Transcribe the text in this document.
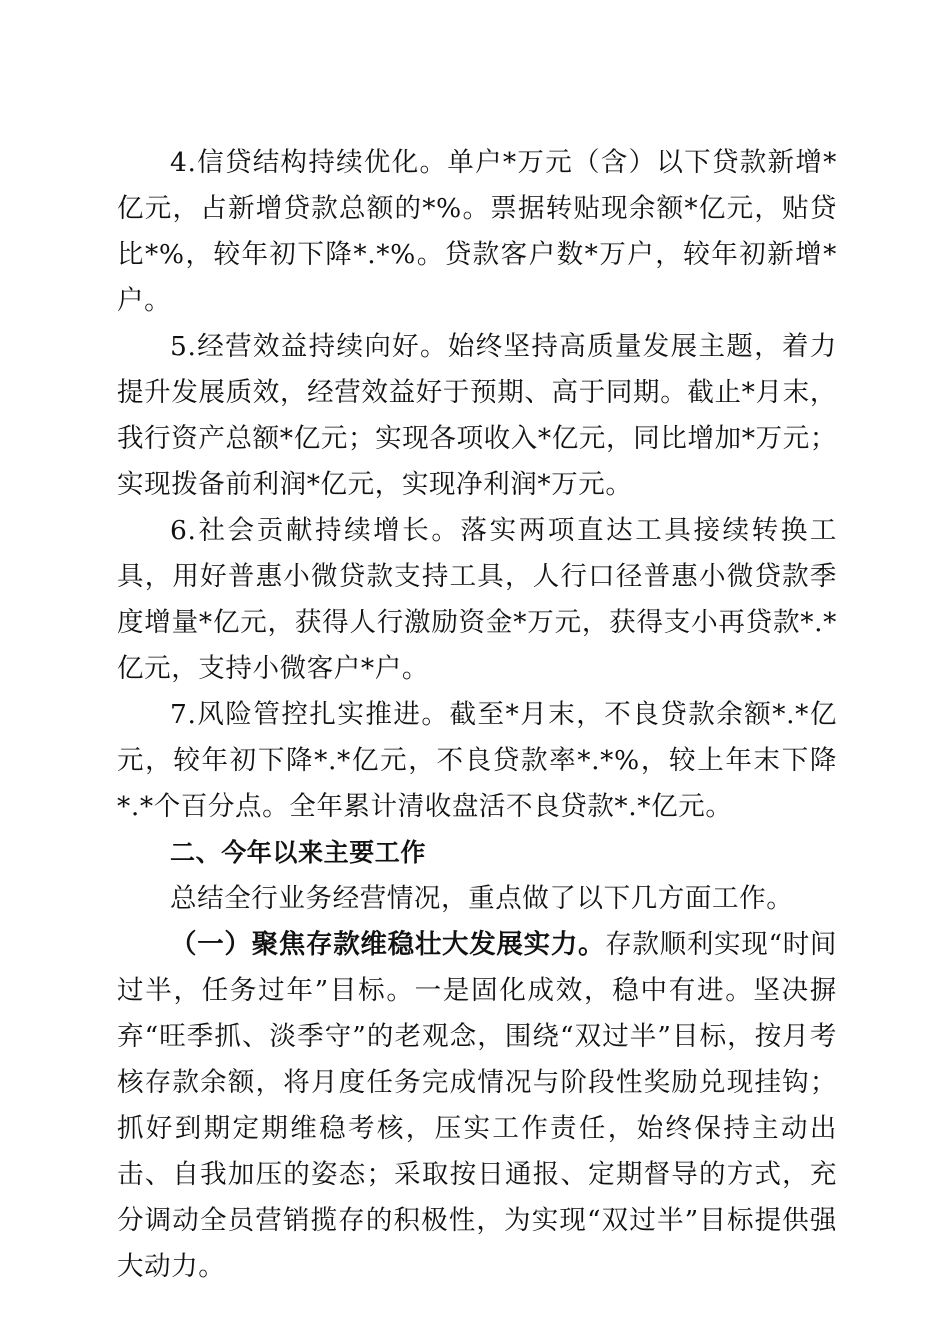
4.信贷结构持续优化。单户*万元（含）以下贷款新增*亿元，占新增贷款总额的*%。票据转贴现余额*亿元，贴贷比*%，较年初下降*.*%。贷款客户数*万户，较年初新增*户。

5.经营效益持续向好。始终坚持高质量发展主题，着力提升发展质效，经营效益好于预期、高于同期。截止*月末，我行资产总额*亿元；实现各项收入*亿元，同比增加*万元；实现拨备前利润*亿元，实现净利润*万元。

6.社会贡献持续增长。落实两项直达工具接续转换工具，用好普惠小微贷款支持工具，人行口径普惠小微贷款季度增量*亿元，获得人行激励资金*万元，获得支小再贷款*.*亿元，支持小微客户*户。

7.风险管控扎实推进。截至*月末，不良贷款余额*.*亿元，较年初下降*.*亿元，不良贷款率*.*%，较上年末下降*.*个百分点。全年累计清收盘活不良贷款*.*亿元。

二、今年以来主要工作

总结全行业务经营情况，重点做了以下几方面工作。

（一）聚焦存款维稳壮大发展实力。存款顺利实现“时间过半，任务过年”目标。一是固化成效，稳中有进。坚决摒弃“旺季抓、淡季守”的老观念，围绕“双过半”目标，按月考核存款余额，将月度任务完成情况与阶段性奖励兑现挂钩；抓好到期定期维稳考核，压实工作责任，始终保持主动出击、自我加压的姿态；采取按日通报、定期督导的方式，充分调动全员营销揽存的积极性，为实现“双过半”目标提供强大动力。
